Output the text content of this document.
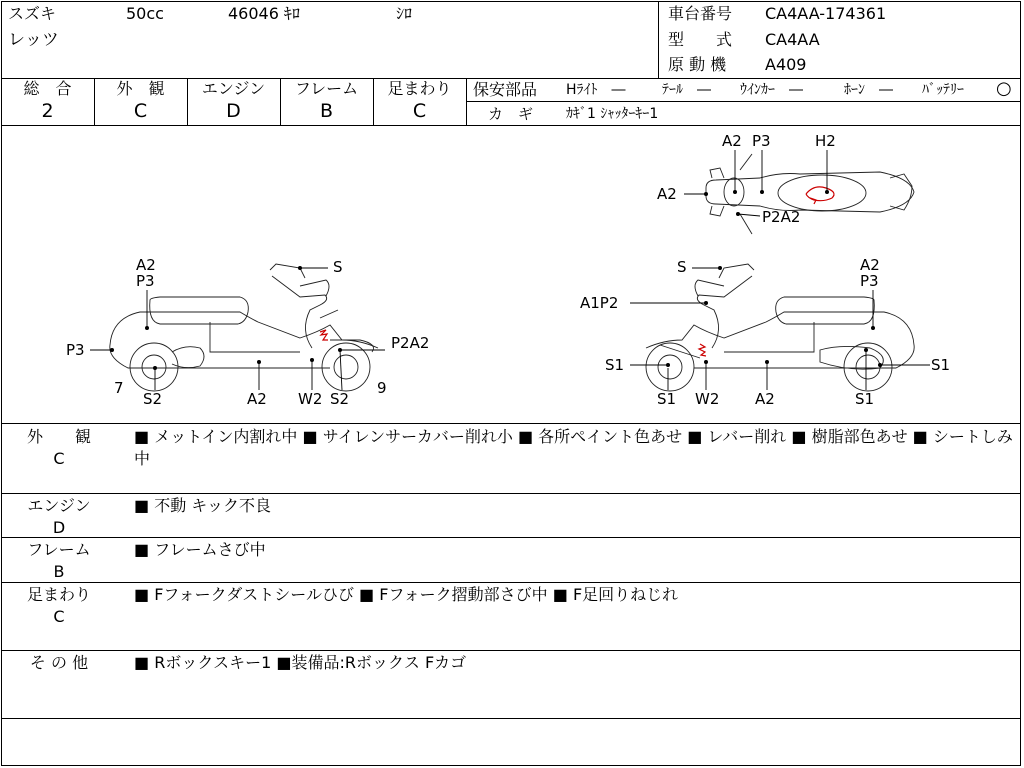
スズキ	50cc	46046 ｷﾛ	ｼﾛ
レッツ
車台番号 CA4AA-174361
型　　式 CA4AA
原 動 機 A409
総　合
2
外　観
C
エンジン
D
フレーム
B
足まわり
C
保安部品 Hﾗｲﾄ　―	ﾃｰﾙ　― ｳｲﾝｶｰ　―	ﾎｰﾝ　― ﾊﾞｯﾃﾘｰ ○
カ　ギ ｶｷﾞ1 ｼｬｯﾀｰｷｰ1
A2
P3
S
P2A2
P3
7
S2	A2 W2 S2
9
S	A2
P3
A1P2
S1
S1 W2 A2
S1
S1
A2 P3	H2
A2
P2A2
外　　観
C
■ メットイン内割れ中 ■ サイレンサーカバー削れ小 ■ 各所ペイント色あせ ■ レバー削れ ■ 樹脂部色あせ ■ シートしみ中
エンジン
D
■ 不動 キック不良
フレーム
B
■ フレームさび中
足まわり
C
■ Fフォークダストシールひび ■ Fフォーク摺動部さび中 ■ F足回りねじれ
そ の 他	■ Rボックスキー1 ■装備品:Rボックス Fカゴ
